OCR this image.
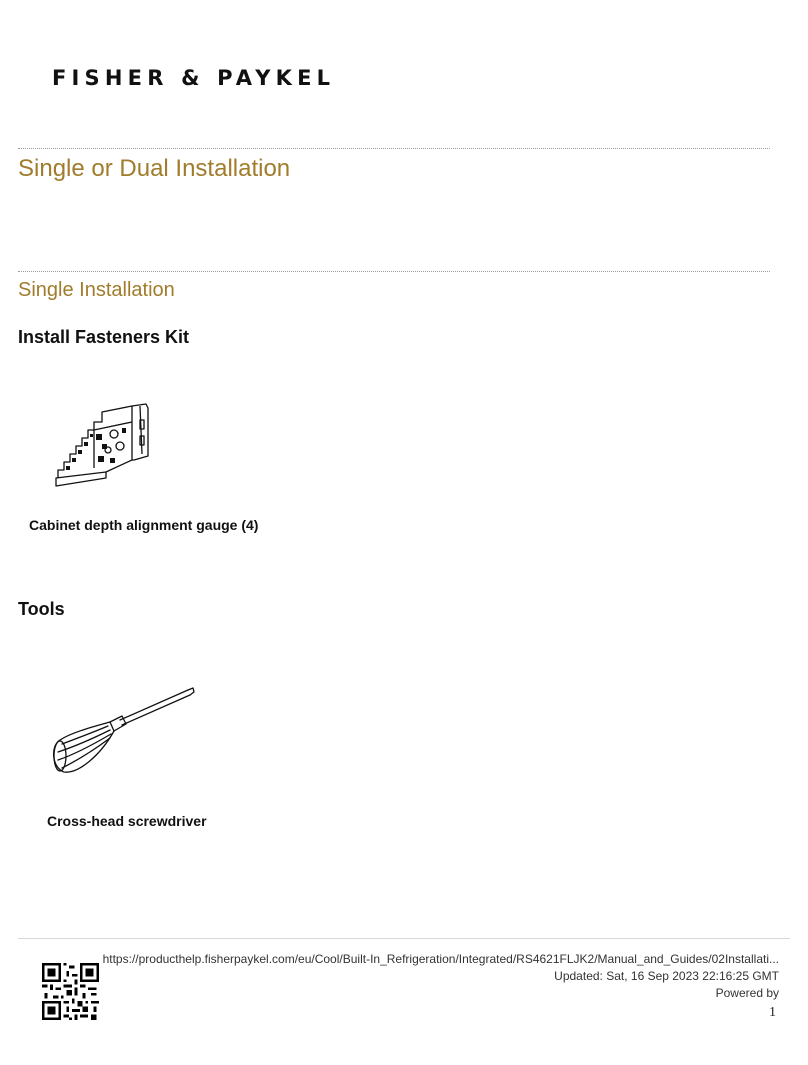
FISHER & PAYKEL
Single or Dual Installation
Single Installation
Install Fasteners Kit
Cabinet depth alignment gauge (4)
Tools
Cross-head screwdriver
https://producthelp.fisherpaykel.com/eu/Cool/Built-In_Refrigeration/Integrated/RS4621FLJK2/Manual_and_Guides/02Installati...
Updated: Sat, 16 Sep 2023 22:16:25 GMT
Powered by
1
